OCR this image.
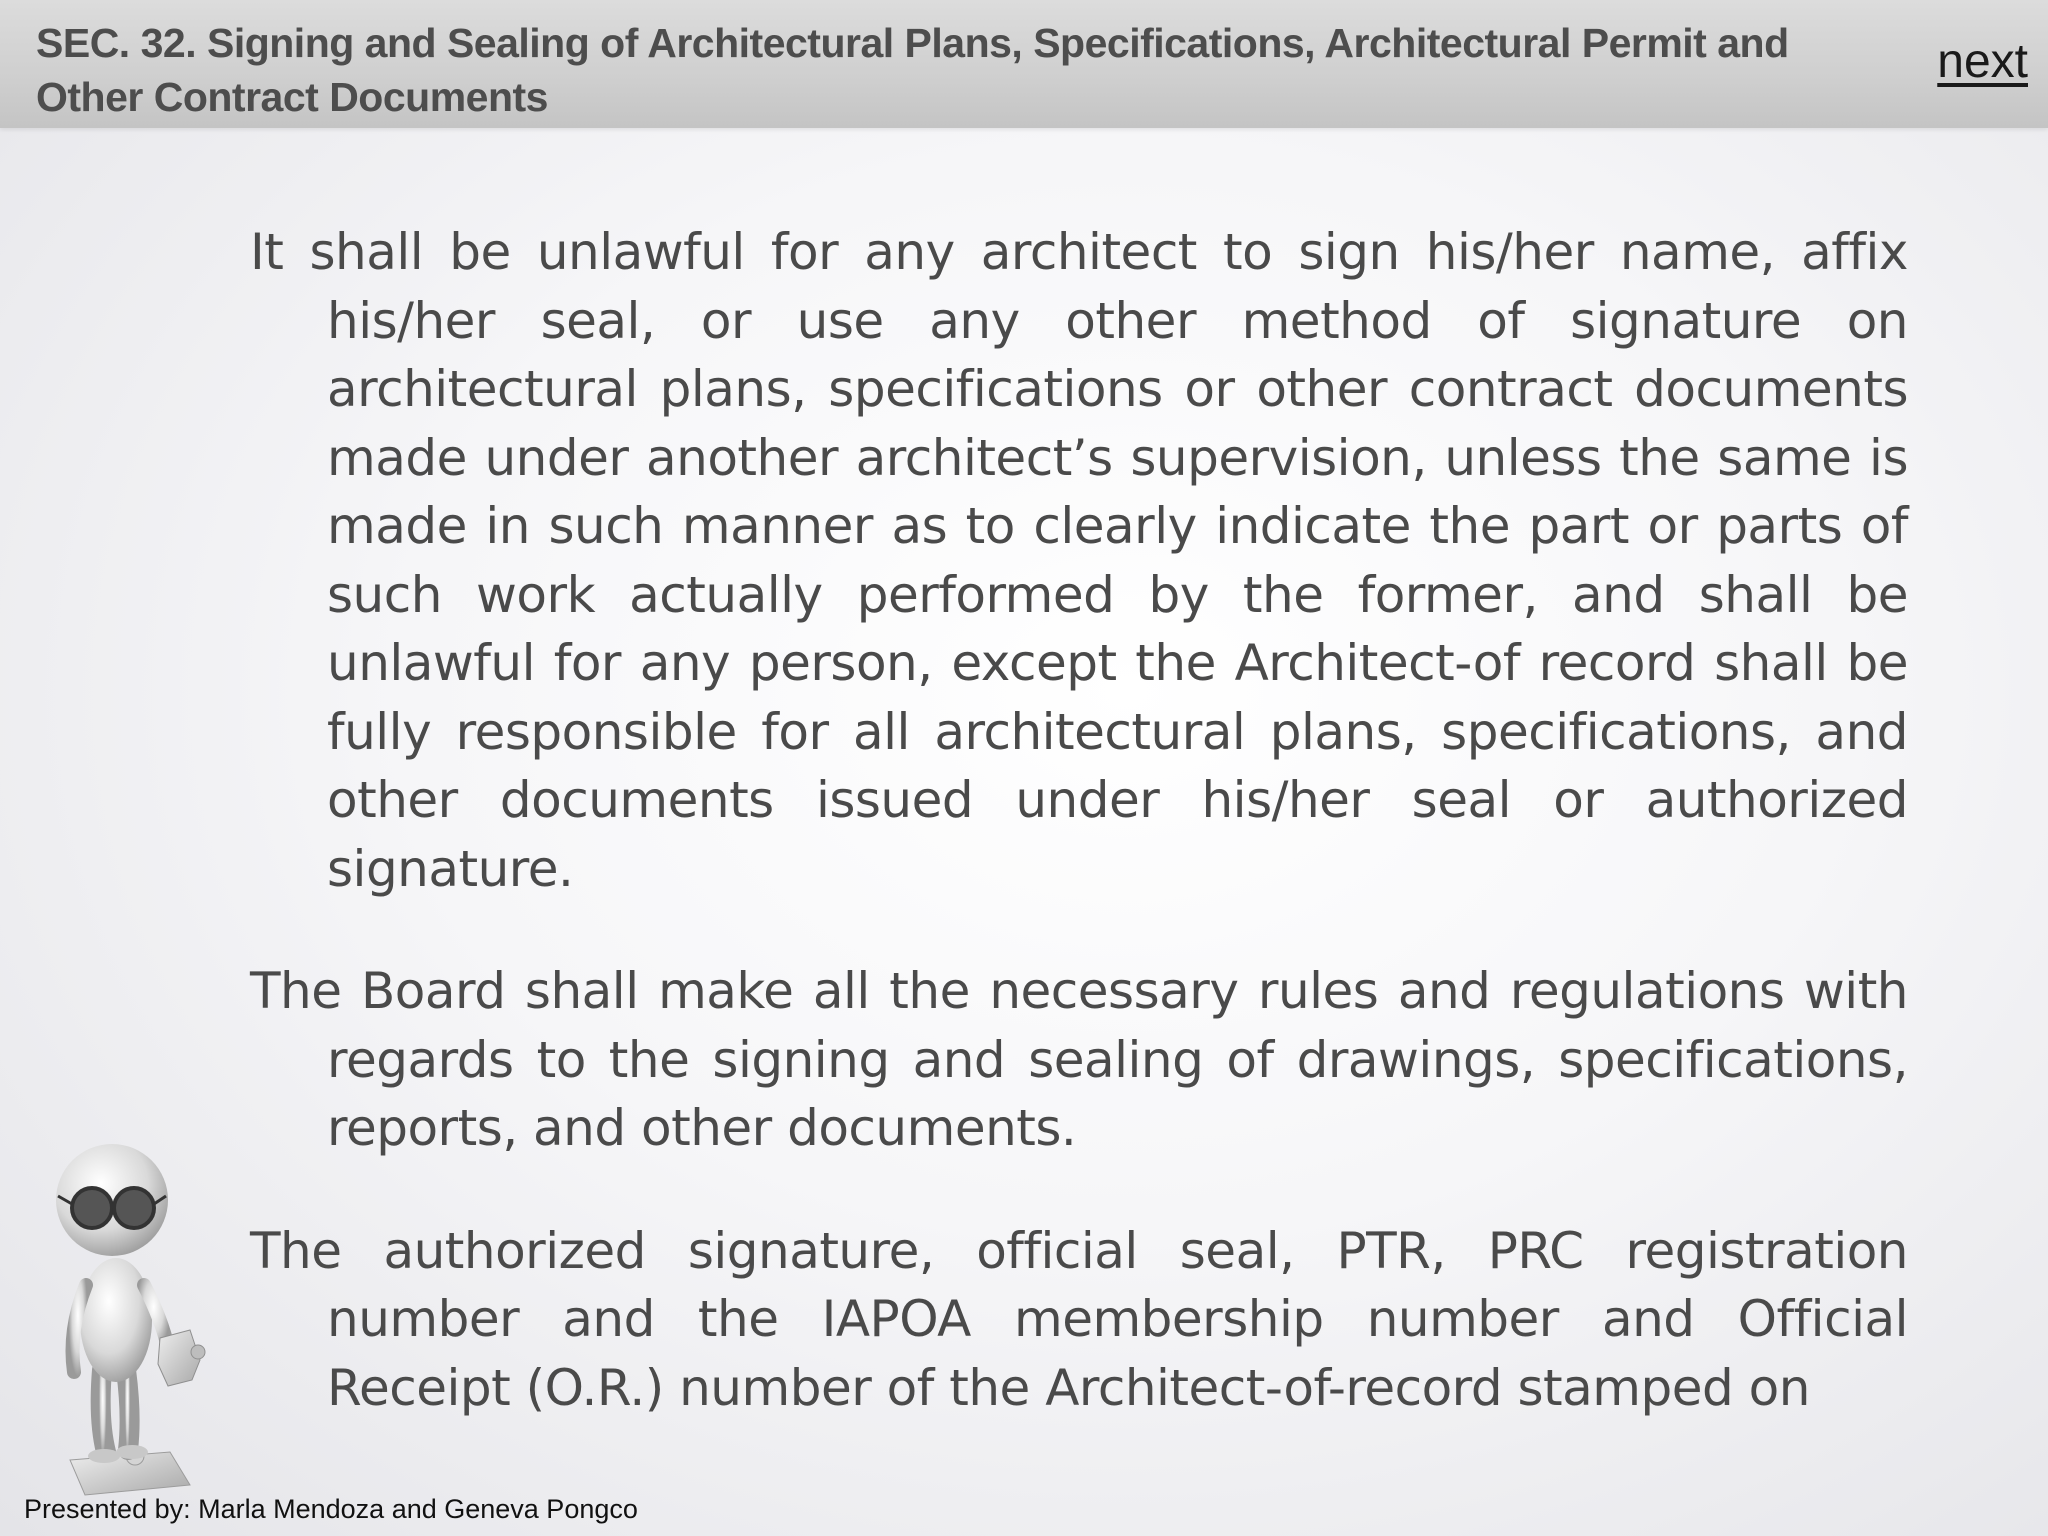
SEC. 32. Signing and Sealing of Architectural Plans, Specifications, Architectural Permit and Other Contract Documents
next

It shall be unlawful for any architect to sign his/her name, affix his/her seal, or use any other method of signature on architectural plans, specifications or other contract documents made under another architect’s supervision, unless the same is made in such manner as to clearly indicate the part or parts of such work actually performed by the former, and shall be unlawful for any person, except the Architect-of record shall be fully responsible for all architectural plans, specifications, and other documents issued under his/her seal or authorized signature.

The Board shall make all the necessary rules and regulations with regards to the signing and sealing of drawings, specifications, reports, and other documents.

The authorized signature, official seal, PTR, PRC registration number and the IAPOA membership number and Official Receipt (O.R.) number of the Architect-of-record stamped on

Presented by: Marla Mendoza and Geneva Pongco
